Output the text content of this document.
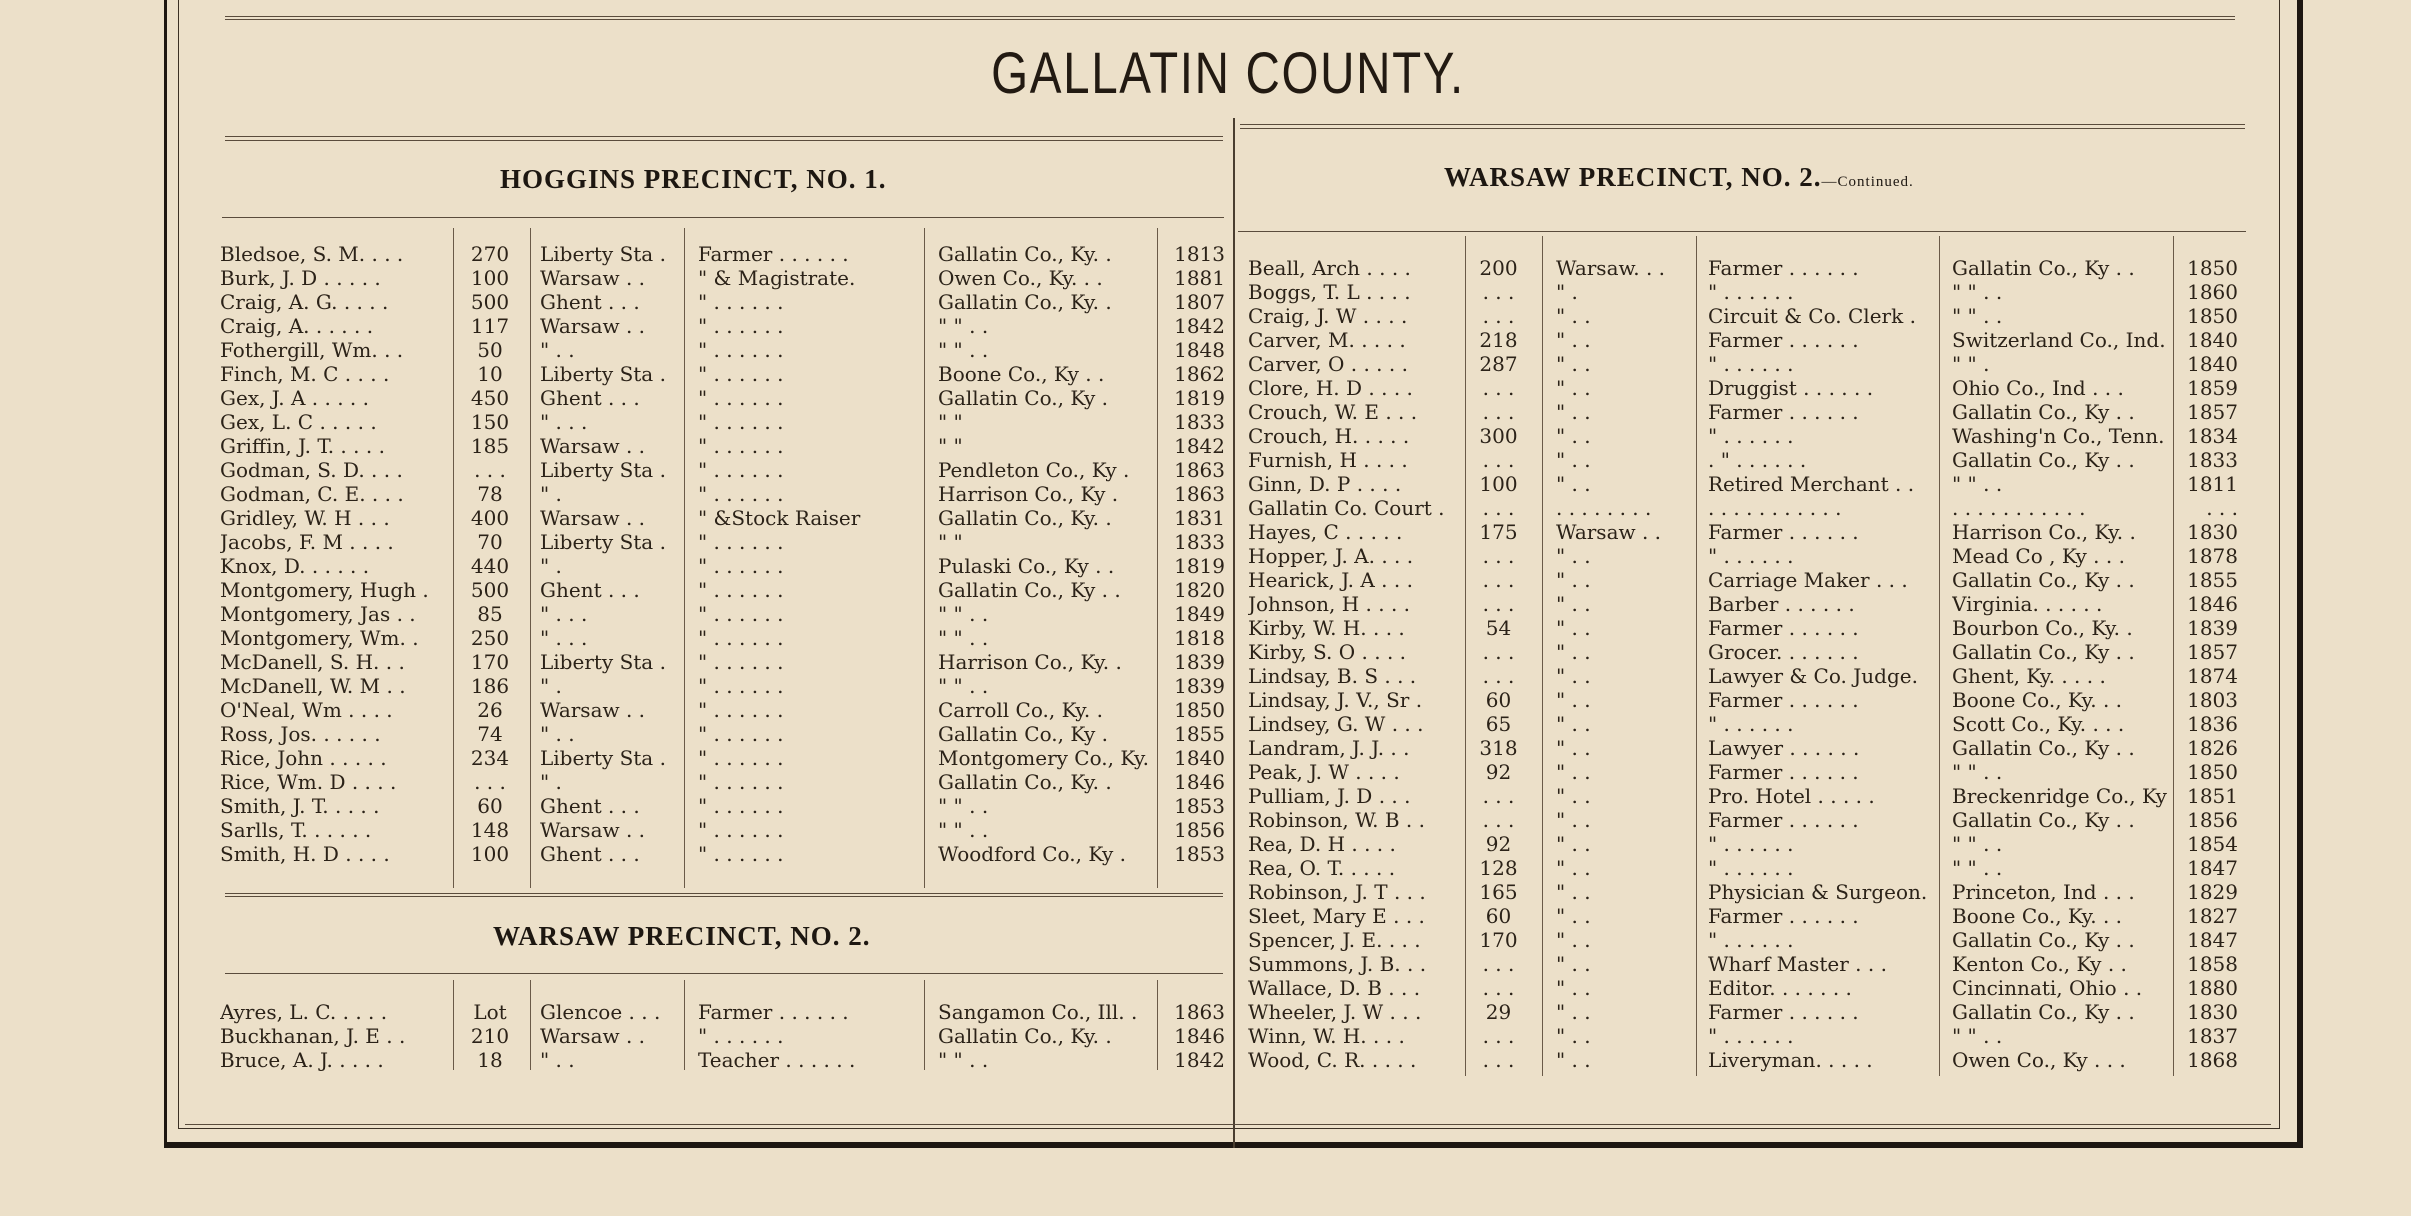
GALLATIN COUNTY.
HOGGINS PRECINCT, NO. 1.
Bledsoe, S. M. . . .	270	Liberty Sta .	Farmer . . . . . .	Gallatin Co., Ky. .	1813
Burk, J. D . . . . .	100	Warsaw . .	" & Magistrate.	Owen Co., Ky. . .	1881
Craig, A. G. . . . .	500	Ghent . . .	" . . . . . .	Gallatin Co., Ky. .	1807
Craig, A. . . . . .	117	Warsaw . .	" . . . . . .	" " . .	1842
Fothergill, Wm. . .	50	" . .	" . . . . . .	" " . .	1848
Finch, M. C . . . .	10	Liberty Sta .	" . . . . . .	Boone Co., Ky . .	1862
Gex, J. A . . . . .	450	Ghent . . .	" . . . . . .	Gallatin Co., Ky .	1819
Gex, L. C . . . . .	150	" . . .	" . . . . . .	" "	1833
Griffin, J. T. . . . .	185	Warsaw . .	" . . . . . .	" "	1842
Godman, S. D. . . .	. . .	Liberty Sta .	" . . . . . .	Pendleton Co., Ky .	1863
Godman, C. E. . . .	78	" .	" . . . . . .	Harrison Co., Ky .	1863
Gridley, W. H . . .	400	Warsaw . .	" &Stock Raiser	Gallatin Co., Ky. .	1831
Jacobs, F. M . . . .	70	Liberty Sta .	" . . . . . .	" "	1833
Knox, D. . . . . .	440	" .	" . . . . . .	Pulaski Co., Ky . .	1819
Montgomery, Hugh .	500	Ghent . . .	" . . . . . .	Gallatin Co., Ky . .	1820
Montgomery, Jas . .	85	" . . .	" . . . . . .	" " . .	1849
Montgomery, Wm. .	250	" . . .	" . . . . . .	" " . .	1818
McDanell, S. H. . .	170	Liberty Sta .	" . . . . . .	Harrison Co., Ky. .	1839
McDanell, W. M . .	186	" .	" . . . . . .	" " . .	1839
O'Neal, Wm . . . .	26	Warsaw . .	" . . . . . .	Carroll Co., Ky. .	1850
Ross, Jos. . . . . .	74	" . .	" . . . . . .	Gallatin Co., Ky .	1855
Rice, John . . . . .	234	Liberty Sta .	" . . . . . .	Montgomery Co., Ky.	1840
Rice, Wm. D . . . .	. . .	" .	" . . . . . .	Gallatin Co., Ky. .	1846
Smith, J. T. . . . .	60	Ghent . . .	" . . . . . .	" " . .	1853
Sarlls, T. . . . . .	148	Warsaw . .	" . . . . . .	" " . .	1856
Smith, H. D . . . .	100	Ghent . . .	" . . . . . .	Woodford Co., Ky .	1853
WARSAW PRECINCT, NO. 2.
Ayres, L. C. . . . .	Lot	Glencoe . . .	Farmer . . . . . .	Sangamon Co., Ill. .	1863
Buckhanan, J. E . .	210	Warsaw . .	" . . . . . .	Gallatin Co., Ky. .	1846
Bruce, A. J. . . . .	18	" . .	Teacher . . . . . .	" " . .	1842
WARSAW PRECINCT, NO. 2.—Continued.
Beall, Arch . . . .	200	Warsaw. . .	Farmer . . . . . .	Gallatin Co., Ky . .	1850
Boggs, T. L . . . .	. . .	" .	" . . . . . .	" " . .	1860
Craig, J. W . . . .	. . .	" . .	Circuit & Co. Clerk .	" " . .	1850
Carver, M. . . . .	218	" . .	Farmer . . . . . .	Switzerland Co., Ind.	1840
Carver, O . . . . .	287	" . .	" . . . . . .	" " .	1840
Clore, H. D . . . .	. . .	" . .	Druggist . . . . . .	Ohio Co., Ind . . .	1859
Crouch, W. E . . .	. . .	" . .	Farmer . . . . . .	Gallatin Co., Ky . .	1857
Crouch, H. . . . .	300	" . .	" . . . . . .	Washing'n Co., Tenn.	1834
Furnish, H . . . .	. . .	" . .	. " . . . . . .	Gallatin Co., Ky . .	1833
Ginn, D. P . . . .	100	" . .	Retired Merchant . .	" " . .	1811
Gallatin Co. Court .	. . .	. . . . . . . .	. . . . . . . . . . .	. . . . . . . . . . .	. . .
Hayes, C . . . . .	175	Warsaw . .	Farmer . . . . . .	Harrison Co., Ky. .	1830
Hopper, J. A. . . .	. . .	" . .	" . . . . . .	Mead Co , Ky . . .	1878
Hearick, J. A . . .	. . .	" . .	Carriage Maker . . .	Gallatin Co., Ky . .	1855
Johnson, H . . . .	. . .	" . .	Barber . . . . . .	Virginia. . . . . .	1846
Kirby, W. H. . . .	54	" . .	Farmer . . . . . .	Bourbon Co., Ky. .	1839
Kirby, S. O . . . .	. . .	" . .	Grocer. . . . . . .	Gallatin Co., Ky . .	1857
Lindsay, B. S . . .	. . .	" . .	Lawyer & Co. Judge.	Ghent, Ky. . . . .	1874
Lindsay, J. V., Sr .	60	" . .	Farmer . . . . . .	Boone Co., Ky. . .	1803
Lindsey, G. W . . .	65	" . .	" . . . . . .	Scott Co., Ky. . . .	1836
Landram, J. J. . .	318	" . .	Lawyer . . . . . .	Gallatin Co., Ky . .	1826
Peak, J. W . . . .	92	" . .	Farmer . . . . . .	" " . .	1850
Pulliam, J. D . . .	. . .	" . .	Pro. Hotel . . . . .	Breckenridge Co., Ky	1851
Robinson, W. B . .	. . .	" . .	Farmer . . . . . .	Gallatin Co., Ky . .	1856
Rea, D. H . . . .	92	" . .	" . . . . . .	" " . .	1854
Rea, O. T. . . . .	128	" . .	" . . . . . .	" " . .	1847
Robinson, J. T . . .	165	" . .	Physician & Surgeon.	Princeton, Ind . . .	1829
Sleet, Mary E . . .	60	" . .	Farmer . . . . . .	Boone Co., Ky. . .	1827
Spencer, J. E. . . .	170	" . .	" . . . . . .	Gallatin Co., Ky . .	1847
Summons, J. B. . .	. . .	" . .	Wharf Master . . .	Kenton Co., Ky . .	1858
Wallace, D. B . . .	. . .	" . .	Editor. . . . . . .	Cincinnati, Ohio . .	1880
Wheeler, J. W . . .	29	" . .	Farmer . . . . . .	Gallatin Co., Ky . .	1830
Winn, W. H. . . .	. . .	" . .	" . . . . . .	" " . .	1837
Wood, C. R. . . . .	. . .	" . .	Liveryman. . . . .	Owen Co., Ky . . .	1868
